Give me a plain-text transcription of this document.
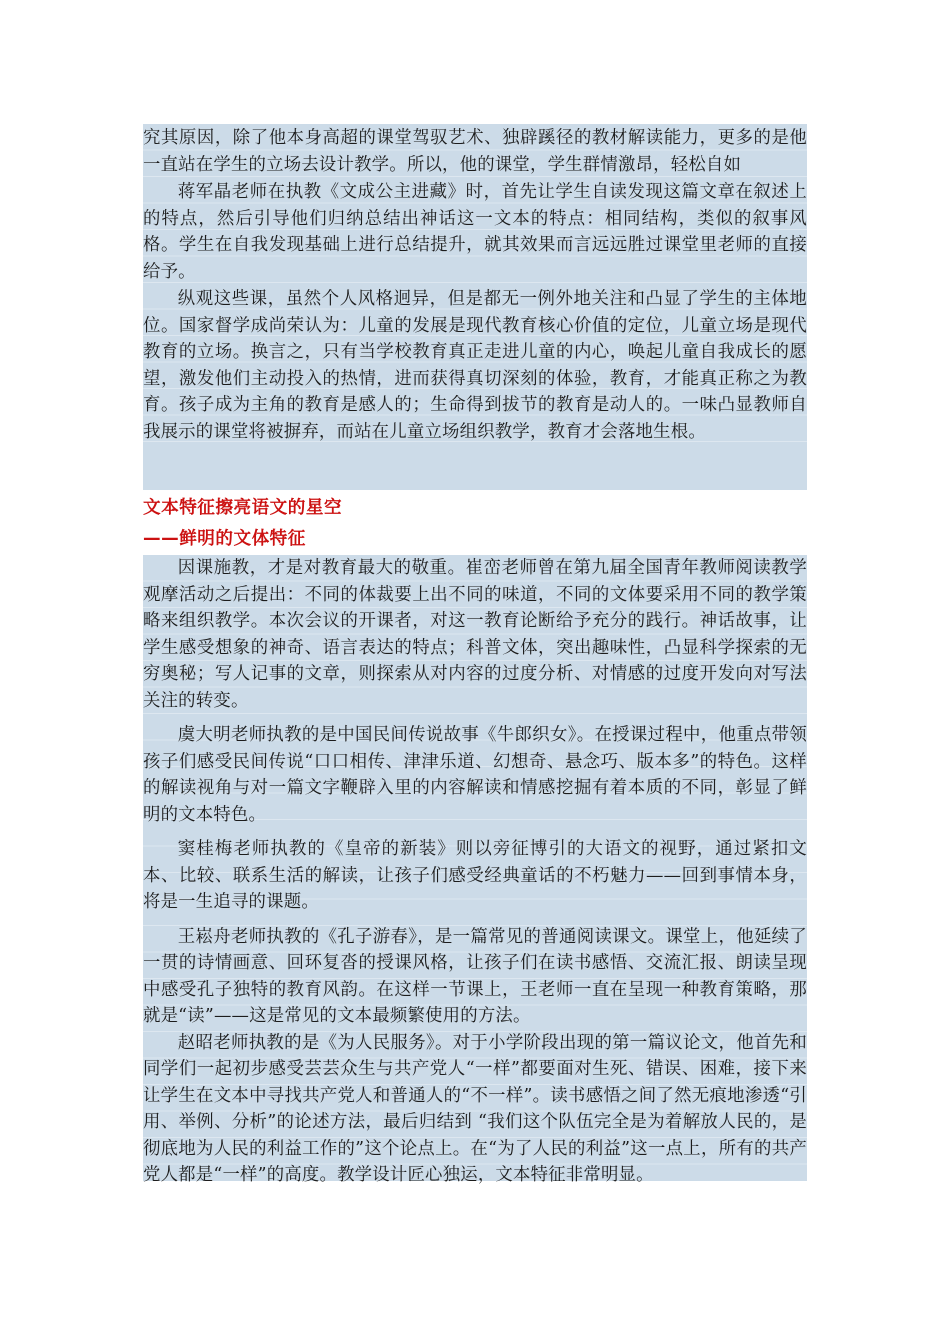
究其原因，除了他本身高超的课堂驾驭艺术、独辟蹊径的教材解读能力，更多的是他一直站在学生的立场去设计教学。所以，他的课堂，学生群情激昂，轻松自如

蒋军晶老师在执教《文成公主进藏》时，首先让学生自读发现这篇文章在叙述上的特点，然后引导他们归纳总结出神话这一文本的特点：相同结构，类似的叙事风格。学生在自我发现基础上进行总结提升，就其效果而言远远胜过课堂里老师的直接给予。

纵观这些课，虽然个人风格迥异，但是都无一例外地关注和凸显了学生的主体地位。国家督学成尚荣认为：儿童的发展是现代教育核心价值的定位，儿童立场是现代教育的立场。换言之，只有当学校教育真正走进儿童的内心，唤起儿童自我成长的愿望，激发他们主动投入的热情，进而获得真切深刻的体验，教育，才能真正称之为教育。孩子成为主角的教育是感人的；生命得到拔节的教育是动人的。一味凸显教师自我展示的课堂将被摒弃，而站在儿童立场组织教学，教育才会落地生根。

文本特征擦亮语文的星空
——鲜明的文体特征

因课施教，才是对教育最大的敬重。崔峦老师曾在第九届全国青年教师阅读教学观摩活动之后提出：不同的体裁要上出不同的味道，不同的文体要采用不同的教学策略来组织教学。本次会议的开课者，对这一教育论断给予充分的践行。神话故事，让学生感受想象的神奇、语言表达的特点；科普文体，突出趣味性，凸显科学探索的无穷奥秘；写人记事的文章，则探索从对内容的过度分析、对情感的过度开发向对写法关注的转变。

虞大明老师执教的是中国民间传说故事《牛郎织女》。在授课过程中，他重点带领孩子们感受民间传说“口口相传、津津乐道、幻想奇、悬念巧、版本多”的特色。这样的解读视角与对一篇文字鞭辟入里的内容解读和情感挖掘有着本质的不同，彰显了鲜明的文本特色。

窦桂梅老师执教的《皇帝的新装》则以旁征博引的大语文的视野，通过紧扣文本、比较、联系生活的解读，让孩子们感受经典童话的不朽魅力——回到事情本身，将是一生追寻的课题。

王崧舟老师执教的《孔子游春》，是一篇常见的普通阅读课文。课堂上，他延续了一贯的诗情画意、回环复沓的授课风格，让孩子们在读书感悟、交流汇报、朗读呈现中感受孔子独特的教育风韵。在这样一节课上，王老师一直在呈现一种教育策略，那就是“读”——这是常见的文本最频繁使用的方法。

赵昭老师执教的是《为人民服务》。对于小学阶段出现的第一篇议论文，他首先和同学们一起初步感受芸芸众生与共产党人“一样”都要面对生死、错误、困难，接下来让学生在文本中寻找共产党人和普通人的“不一样”。读书感悟之间了然无痕地渗透“引用、举例、分析”的论述方法，最后归结到 “我们这个队伍完全是为着解放人民的，是彻底地为人民的利益工作的”这个论点上。在“为了人民的利益”这一点上，所有的共产党人都是“一样”的高度。教学设计匠心独运，文本特征非常明显。
